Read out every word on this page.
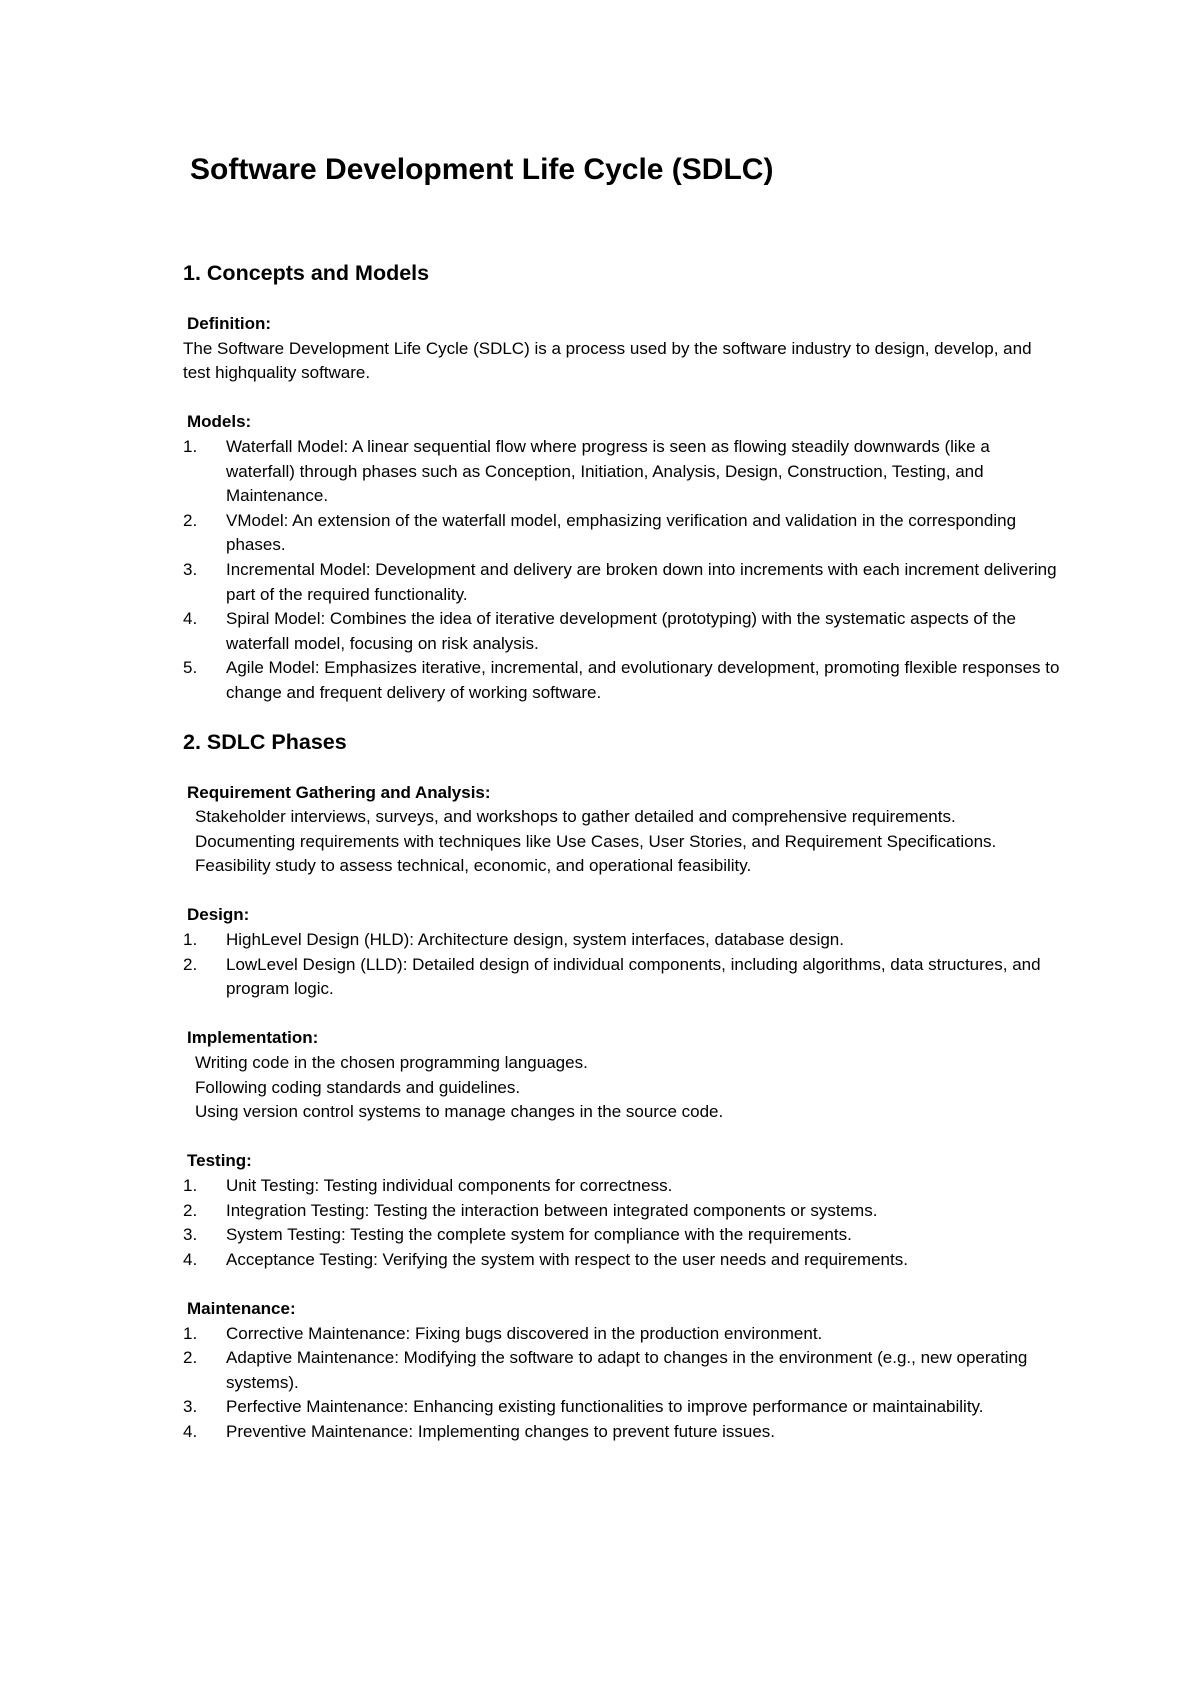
Software Development Life Cycle (SDLC)
1. Concepts and Models
Definition:

The Software Development Life Cycle (SDLC) is a process used by the software industry to design, develop, and test highquality software.

Models:
1. Waterfall Model: A linear sequential flow where progress is seen as flowing steadily downwards (like a waterfall) through phases such as Conception, Initiation, Analysis, Design, Construction, Testing, and Maintenance.
2. VModel: An extension of the waterfall model, emphasizing verification and validation in the corresponding phases.
3. Incremental Model: Development and delivery are broken down into increments with each increment delivering part of the required functionality.
4. Spiral Model: Combines the idea of iterative development (prototyping) with the systematic aspects of the waterfall model, focusing on risk analysis.
5. Agile Model: Emphasizes iterative, incremental, and evolutionary development, promoting flexible responses to change and frequent delivery of working software.
2. SDLC Phases
Requirement Gathering and Analysis:

Stakeholder interviews, surveys, and workshops to gather detailed and comprehensive requirements.

Documenting requirements with techniques like Use Cases, User Stories, and Requirement Specifications.

Feasibility study to assess technical, economic, and operational feasibility.

Design:
1. HighLevel Design (HLD): Architecture design, system interfaces, database design.
2. LowLevel Design (LLD): Detailed design of individual components, including algorithms, data structures, and program logic.
Implementation:

Writing code in the chosen programming languages.

Following coding standards and guidelines.

Using version control systems to manage changes in the source code.

Testing:
1. Unit Testing: Testing individual components for correctness.
2. Integration Testing: Testing the interaction between integrated components or systems.
3. System Testing: Testing the complete system for compliance with the requirements.
4. Acceptance Testing: Verifying the system with respect to the user needs and requirements.
Maintenance:
1. Corrective Maintenance: Fixing bugs discovered in the production environment.
2. Adaptive Maintenance: Modifying the software to adapt to changes in the environment (e.g., new operating systems).
3. Perfective Maintenance: Enhancing existing functionalities to improve performance or maintainability.
4. Preventive Maintenance: Implementing changes to prevent future issues.
